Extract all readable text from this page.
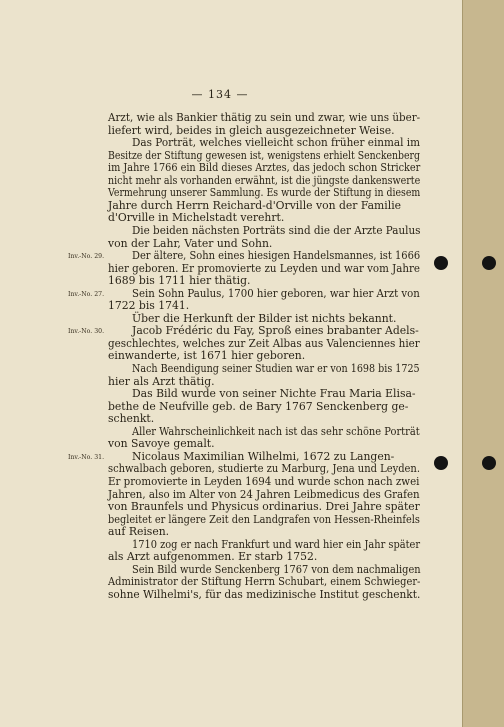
— 134 —
Arzt, wie als Bankier thätig zu sein und zwar, wie uns über-
liefert wird, beides in gleich ausgezeichneter Weise.
Das Porträt, welches vielleicht schon früher einmal im
Besitze der Stiftung gewesen ist, wenigstens erhielt Senckenberg
im Jahre 1766 ein Bild dieses Arztes, das jedoch schon Stricker
nicht mehr als vorhanden erwähnt, ist die jüngste dankenswerte
Vermehrung unserer Sammlung. Es wurde der Stiftung in diesem
Jahre durch Herrn Reichard-d'Orville von der Familie
d'Orville in Michelstadt verehrt.
Die beiden nächsten Porträts sind die der Arzte Paulus
von der Lahr, Vater und Sohn.
Inv.-No. 29.	Der ältere, Sohn eines hiesigen Handelsmannes, ist 1666
hier geboren. Er promovierte zu Leyden und war vom Jahre
1689 bis 1711 hier thätig.
Inv.-No. 27.	Sein Sohn Paulus, 1700 hier geboren, war hier Arzt von
1722 bis 1741.
Über die Herkunft der Bilder ist nichts bekannt.
Inv.-No. 30.	Jacob Frédéric du Fay, Sproß eines brabanter Adels-
geschlechtes, welches zur Zeit Albas aus Valenciennes hier
einwanderte, ist 1671 hier geboren.
Nach Beendigung seiner Studien war er von 1698 bis 1725
hier als Arzt thätig.
Das Bild wurde von seiner Nichte Frau Maria Elisa-
bethe de Neufville geb. de Bary 1767 Senckenberg ge-
schenkt.
Aller Wahrscheinlichkeit nach ist das sehr schöne Porträt
von Savoye gemalt.
Inv.-No. 31.	Nicolaus Maximilian Wilhelmi, 1672 zu Langen-
schwalbach geboren, studierte zu Marburg, Jena und Leyden.
Er promovierte in Leyden 1694 und wurde schon nach zwei
Jahren, also im Alter von 24 Jahren Leibmedicus des Grafen
von Braunfels und Physicus ordinarius. Drei Jahre später
begleitet er längere Zeit den Landgrafen von Hessen-Rheinfels
auf Reisen.
1710 zog er nach Frankfurt und ward hier ein Jahr später
als Arzt aufgenommen. Er starb 1752.
Sein Bild wurde Senckenberg 1767 von dem nachmaligen
Administrator der Stiftung Herrn Schubart, einem Schwieger-
sohne Wilhelmi's, für das medizinische Institut geschenkt.
